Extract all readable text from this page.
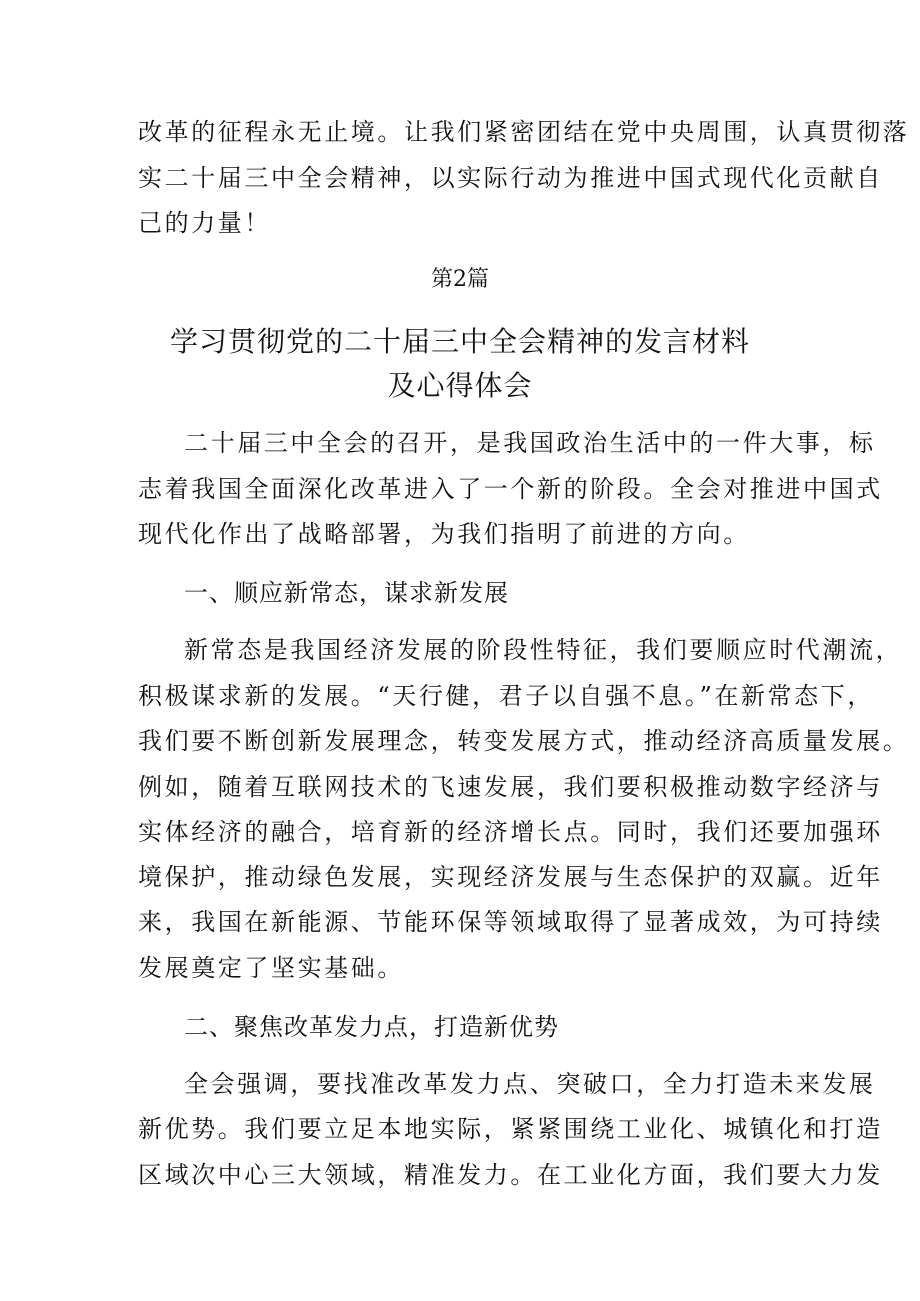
改革的征程永无止境。让我们紧密团结在党中央周围，认真贯彻落
实二十届三中全会精神，以实际行动为推进中国式现代化贡献自
己的力量！
第2篇
学习贯彻党的二十届三中全会精神的发言材料
及心得体会
二十届三中全会的召开，是我国政治生活中的一件大事，标
志着我国全面深化改革进入了一个新的阶段。全会对推进中国式
现代化作出了战略部署，为我们指明了前进的方向。
一、顺应新常态，谋求新发展
新常态是我国经济发展的阶段性特征，我们要顺应时代潮流，
积极谋求新的发展。“天行健，君子以自强不息。”在新常态下，
我们要不断创新发展理念，转变发展方式，推动经济高质量发展。
例如，随着互联网技术的飞速发展，我们要积极推动数字经济与
实体经济的融合，培育新的经济增长点。同时，我们还要加强环
境保护，推动绿色发展，实现经济发展与生态保护的双赢。近年
来，我国在新能源、节能环保等领域取得了显著成效，为可持续
发展奠定了坚实基础。
二、聚焦改革发力点，打造新优势
全会强调，要找准改革发力点、突破口，全力打造未来发展
新优势。我们要立足本地实际，紧紧围绕工业化、城镇化和打造
区域次中心三大领域，精准发力。在工业化方面，我们要大力发
